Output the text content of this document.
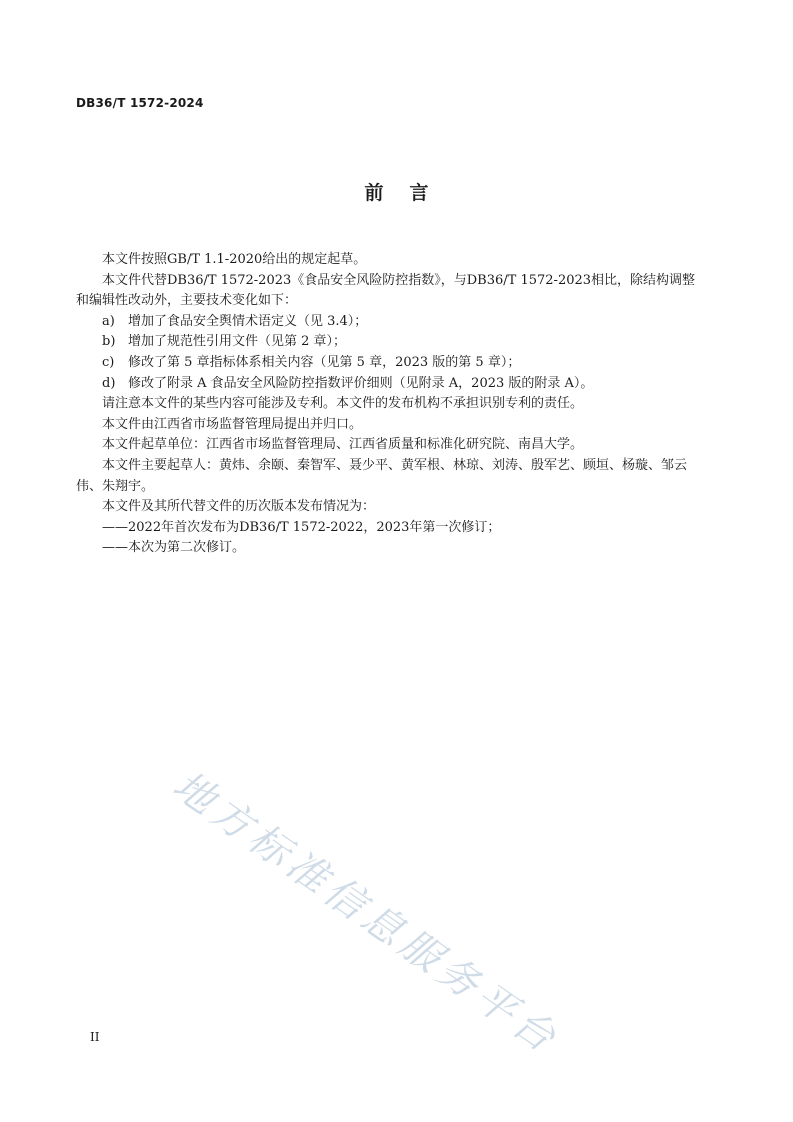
DB36/T 1572-2024
前言

本文件按照GB/T 1.1-2020给出的规定起草。

本文件代替DB36/T 1572-2023《食品安全风险防控指数》，与DB36/T 1572-2023相比，除结构调整和编辑性改动外，主要技术变化如下：

a) 增加了食品安全舆情术语定义（见 3.4）；

b) 增加了规范性引用文件（见第 2 章）；

c) 修改了第 5 章指标体系相关内容（见第 5 章，2023 版的第 5 章）；

d) 修改了附录 A 食品安全风险防控指数评价细则（见附录 A，2023 版的附录 A）。

请注意本文件的某些内容可能涉及专利。本文件的发布机构不承担识别专利的责任。

本文件由江西省市场监督管理局提出并归口。

本文件起草单位：江西省市场监督管理局、江西省质量和标准化研究院、南昌大学。

本文件主要起草人：黄炜、余颐、秦智军、聂少平、黄军根、林琼、刘涛、殷军艺、顾垣、杨璇、邹云伟、朱翔宇。

本文件及其所代替文件的历次版本发布情况为：

——2022年首次发布为DB36/T 1572-2022，2023年第一次修订；

——本次为第二次修订。

地方标准信息服务平台
II
